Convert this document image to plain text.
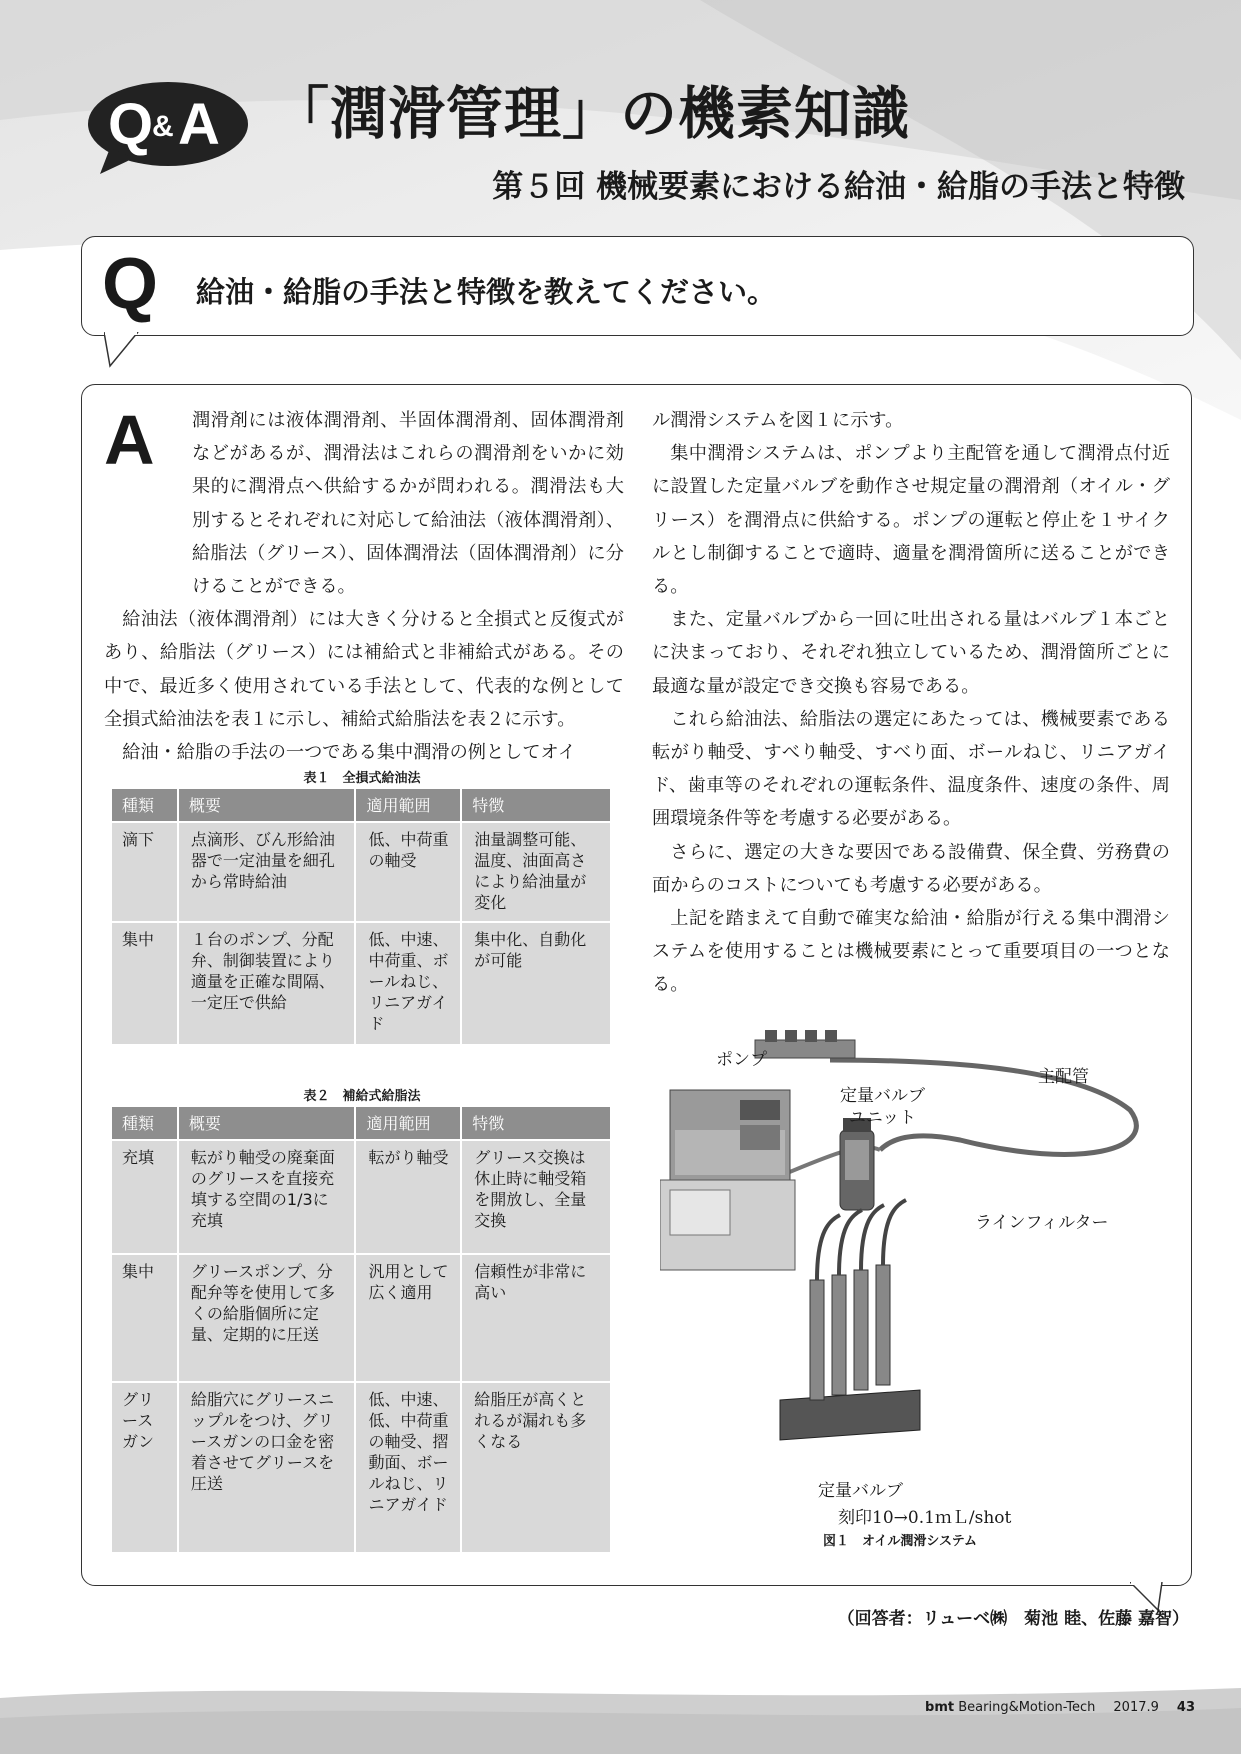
Q
& A 「潤滑管理」の機素知識
第５回 機械要素における給油・給脂の手法と特徴
Q 給油・給脂の手法と特徴を教えてください。
A	潤滑剤には液体潤滑剤、半固体潤滑剤、固体潤滑剤などがあるが、潤滑法はこれらの潤滑剤をいかに効果的に潤滑点へ供給するかが問われる。潤滑法も大別するとそれぞれに対応して給油法（液体潤滑剤）、給脂法（グリース）、固体潤滑法（固体潤滑剤）に分けることができる。

給油法（液体潤滑剤）には大きく分けると全損式と反復式があり、給脂法（グリース）には補給式と非補給式がある。その中で、最近多く使用されている手法として、代表的な例として全損式給油法を表１に示し、補給式給脂法を表２に示す。

給油・給脂の手法の一つである集中潤滑の例としてオイ

ル潤滑システムを図１に示す。

集中潤滑システムは、ポンプより主配管を通して潤滑点付近に設置した定量バルブを動作させ規定量の潤滑剤（オイル・グリース）を潤滑点に供給する。ポンプの運転と停止を１サイクルとし制御することで適時、適量を潤滑箇所に送ることができる。

また、定量バルブから一回に吐出される量はバルブ１本ごとに決まっており、それぞれ独立しているため、潤滑箇所ごとに最適な量が設定でき交換も容易である。

これら給油法、給脂法の選定にあたっては、機械要素である転がり軸受、すべり軸受、すべり面、ボールねじ、リニアガイド、歯車等のそれぞれの運転条件、温度条件、速度の条件、周囲環境条件等を考慮する必要がある。

さらに、選定の大きな要因である設備費、保全費、労務費の面からのコストについても考慮する必要がある。

上記を踏まえて自動で確実な給油・給脂が行える集中潤滑システムを使用することは機械要素にとって重要項目の一つとなる。

表１　全損式給油法
種類	概要	適用範囲	特徴
滴下	点滴形、びん形給油器で一定油量を細孔から常時給油	低、中荷重の軸受	油量調整可能、温度、油面高さにより給油量が変化
集中	１台のポンプ、分配弁、制御装置により適量を正確な間隔、一定圧で供給	低、中速、中荷重、ボールねじ、リニアガイド	集中化、自動化が可能
表２　補給式給脂法
種類	概要	適用範囲	特徴
充填	転がり軸受の廃棄面のグリースを直接充填する空間の1/3に充填	転がり軸受	グリース交換は休止時に軸受箱を開放し、全量交換
集中	グリースポンプ、分配弁等を使用して多くの給脂個所に定量、定期的に圧送	汎用として広く適用	信頼性が非常に高い
グリースガン	給脂穴にグリースニップルをつけ、グリースガンの口金を密着させてグリースを圧送	低、中速、低、中荷重の軸受、摺動面、ボールねじ、リニアガイド	給脂圧が高くとれるが漏れも多くなる
ポンプ
定量バルブ
ユニット
主配管
ラインフィルター
定量バルブ
刻印10→0.1ｍＬ/shot
図１　オイル潤滑システム
（回答者：リューベ㈱　菊池 睦、佐藤 嘉智）
bmt Bearing&Motion-Tech 2017.9 43
